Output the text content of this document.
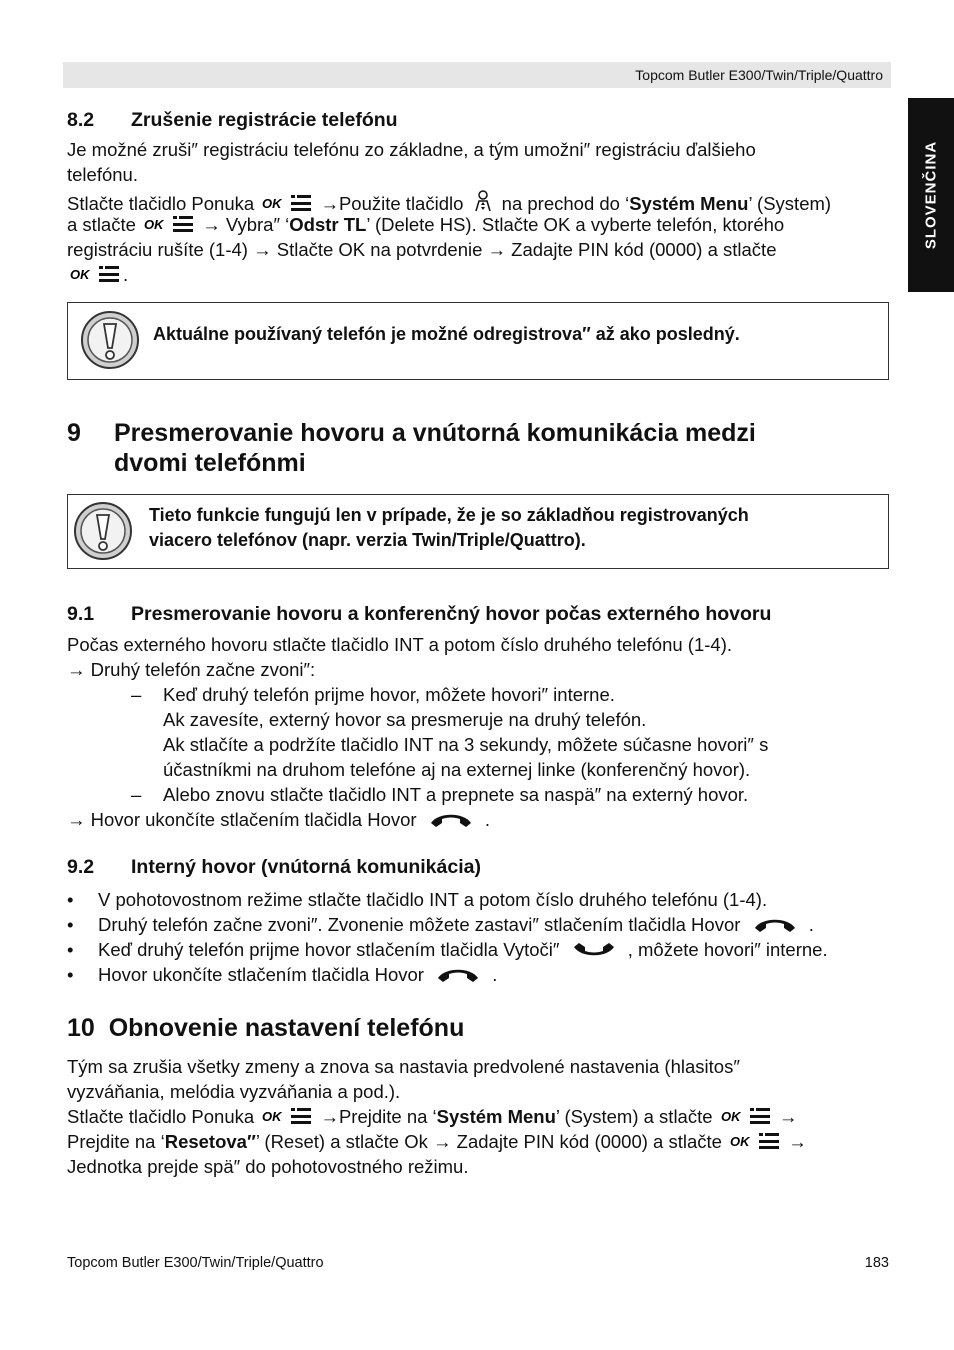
Topcom Butler E300/Twin/Triple/Quattro
SLOVENČINA
8.2 Zrušenie registrácie telefónu
Je možné zruši″ registráciu telefónu zo základne, a tým umožni″ registráciu ďalšieho
telefónu.
Stlačte tlačidlo Ponuka OK →Použite tlačidlo na prechod do ‘Systém Menu’ (System)
a stlačte OK → Vybra″ ‘Odstr TL’ (Delete HS). Stlačte OK a vyberte telefón, ktorého
registráciu rušíte (1-4) → Stlačte OK na potvrdenie → Zadajte PIN kód (0000) a stlačte
OK .
Aktuálne používaný telefón je možné odregistrova″ až ako posledný.
9 Presmerovanie hovoru a vnútorná komunikácia medzi
dvomi telefónmi
Tieto funkcie fungujú len v prípade, že je so základňou registrovaných
viacero telefónov (napr. verzia Twin/Triple/Quattro).
9.1 Presmerovanie hovoru a konferenčný hovor počas externého hovoru
Počas externého hovoru stlačte tlačidlo INT a potom číslo druhého telefónu (1-4).
→ Druhý telefón začne zvoni″:
– Keď druhý telefón prijme hovor, môžete hovori″ interne.
Ak zavesíte, externý hovor sa presmeruje na druhý telefón.
Ak stlačíte a podržíte tlačidlo INT na 3 sekundy, môžete súčasne hovori″ s
účastníkmi na druhom telefóne aj na externej linke (konferenčný hovor).
– Alebo znovu stlačte tlačidlo INT a prepnete sa naspä″ na externý hovor.
→ Hovor ukončíte stlačením tlačidla Hovor	.
9.2 Interný hovor (vnútorná komunikácia)
• V pohotovostnom režime stlačte tlačidlo INT a potom číslo druhého telefónu (1-4).
• Druhý telefón začne zvoni″. Zvonenie môžete zastavi″ stlačením tlačidla Hovor	.
• Keď druhý telefón prijme hovor stlačením tlačidla Vytoči″	, môžete hovori″ interne.
• Hovor ukončíte stlačením tlačidla Hovor	.
10 Obnovenie nastavení telefónu
Tým sa zrušia všetky zmeny a znova sa nastavia predvolené nastavenia (hlasitos″
vyzváňania, melódia vyzváňania a pod.).
Stlačte tlačidlo Ponuka OK →Prejdite na ‘Systém Menu’ (System) a stlačte OK →
Prejdite na ‘Resetova″’ (Reset) a stlačte Ok → Zadajte PIN kód (0000) a stlačte OK →
Jednotka prejde spä″ do pohotovostného režimu.
Topcom Butler E300/Twin/Triple/Quattro	183
